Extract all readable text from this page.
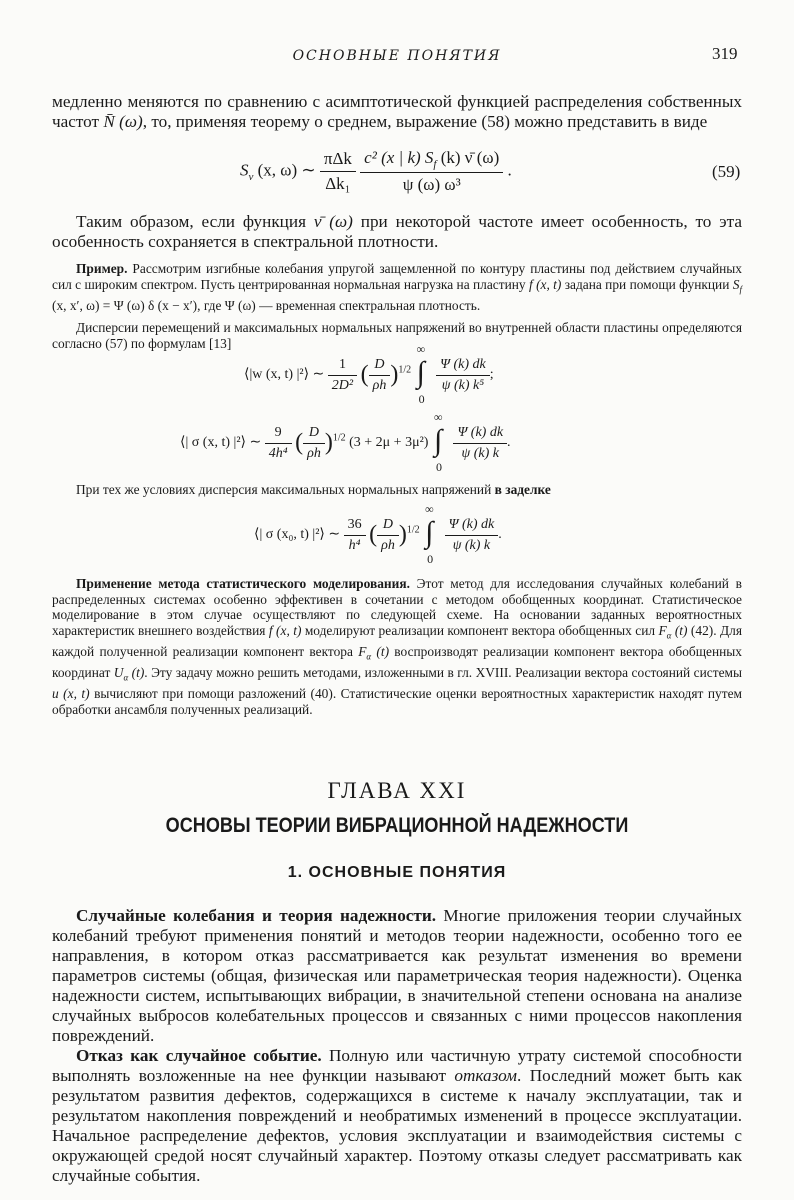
ОСНОВНЫЕ ПОНЯТИЯ	319
медленно меняются по сравнению с асимптотической функцией распределения собственных частот N̄ (ω), то, применяя теорему о среднем, выражение (58) можно представить в виде
$S_v$ (x, ω) ∼ $\frac{\text{πΔk}}{\text{Δk₁}}$
$\frac{c^2 (x | k) S_f (k) \nū (\omega)}{\text{ψ (ω) ω³}}$ .	(59)
Таким образом, если функция ν̄ (ω) при некоторой частоте имеет особенность, то эта особенность сохраняется в спектральной плотности.
Пример. Рассмотрим изгибные колебания упругой защемленной по контуру пластины под действием случайных сил с широким спектром. Пусть центрированная нормальная нагрузка на пластину f (x, t) задана при помощи функции $S_f$ (x, x′, ω) = Ψ (ω) δ (x − x′), где Ψ (ω) — временная спектральная плотность.
Дисперсии перемещений и максимальных нормальных напряжений во внутренней области пластины определяются согласно (57) по формулам [13]
⟨|w (x, t) |²⟩ ∼ $\frac{1}{\text{2D²}}$ ( $\frac{D}{\rho h} )^{1/2}$
∞
∫
0

$\frac{\Psi (k) dk}{\text{ψ (k) k⁵}}$ ;
⟨| σ (x, t) |²⟩ ∼ $\frac{9}{\text{4h⁴}}$ ( $\frac{D}{\rho h} )^{1/2}$ (3 + 2μ + 3μ²)
∞
∫
0

$\frac{\Psi (k) dk}{\psi (k) k}$ .
При тех же условиях дисперсия максимальных нормальных напряжений в заделке
⟨| σ (x₀, t) |²⟩ ∼ $\frac{36}{\text{h⁴}}$ ( $\frac{D}{\rho h} )^{1/2}$
∞
∫
0

$\frac{\Psi (k) dk}{\psi (k) k}$ .
Применение метода статистического моделирования. Этот метод для исследования случайных колебаний в распределенных системах особенно эффективен в сочетании с методом обобщенных координат. Статистическое моделирование в этом случае осуществляют по следующей схеме. На основании заданных вероятностных характеристик внешнего воздействия f (x, t) моделируют реализации компонент вектора обобщенных сил $F_\alpha$ (t) (42). Для каждой полученной реализации компонент вектора $F_\alpha$ (t) воспроизводят реализации компонент вектора обобщенных координат $U_\alpha$ (t). Эту задачу можно решить методами, изложенными в гл. XVIII. Реализации вектора состояний системы u (x, t) вычисляют при помощи разложений (40). Статистические оценки вероятностных характеристик находят путем обработки ансамбля полученных реализаций.
ГЛАВА XXI
ОСНОВЫ ТЕОРИИ ВИБРАЦИОННОЙ НАДЕЖНОСТИ
1. ОСНОВНЫЕ ПОНЯТИЯ
Случайные колебания и теория надежности. Многие приложения теории случайных колебаний требуют применения понятий и методов теории надежности, особенно того ее направления, в котором отказ рассматривается как результат изменения во времени параметров системы (общая, физическая или параметрическая теория надежности). Оценка надежности систем, испытывающих вибрации, в значительной степени основана на анализе случайных выбросов колебательных процессов и связанных с ними процессов накопления повреждений.
Отказ как случайное событие. Полную или частичную утрату системой способности выполнять возложенные на нее функции называют отказом. Последний может быть как результатом развития дефектов, содержащихся в системе к началу эксплуатации, так и результатом накопления повреждений и необратимых изменений в процессе эксплуатации. Начальное распределение дефектов, условия эксплуатации и взаимодействия системы с окружающей средой носят случайный характер. Поэтому отказы следует рассматривать как случайные события.
